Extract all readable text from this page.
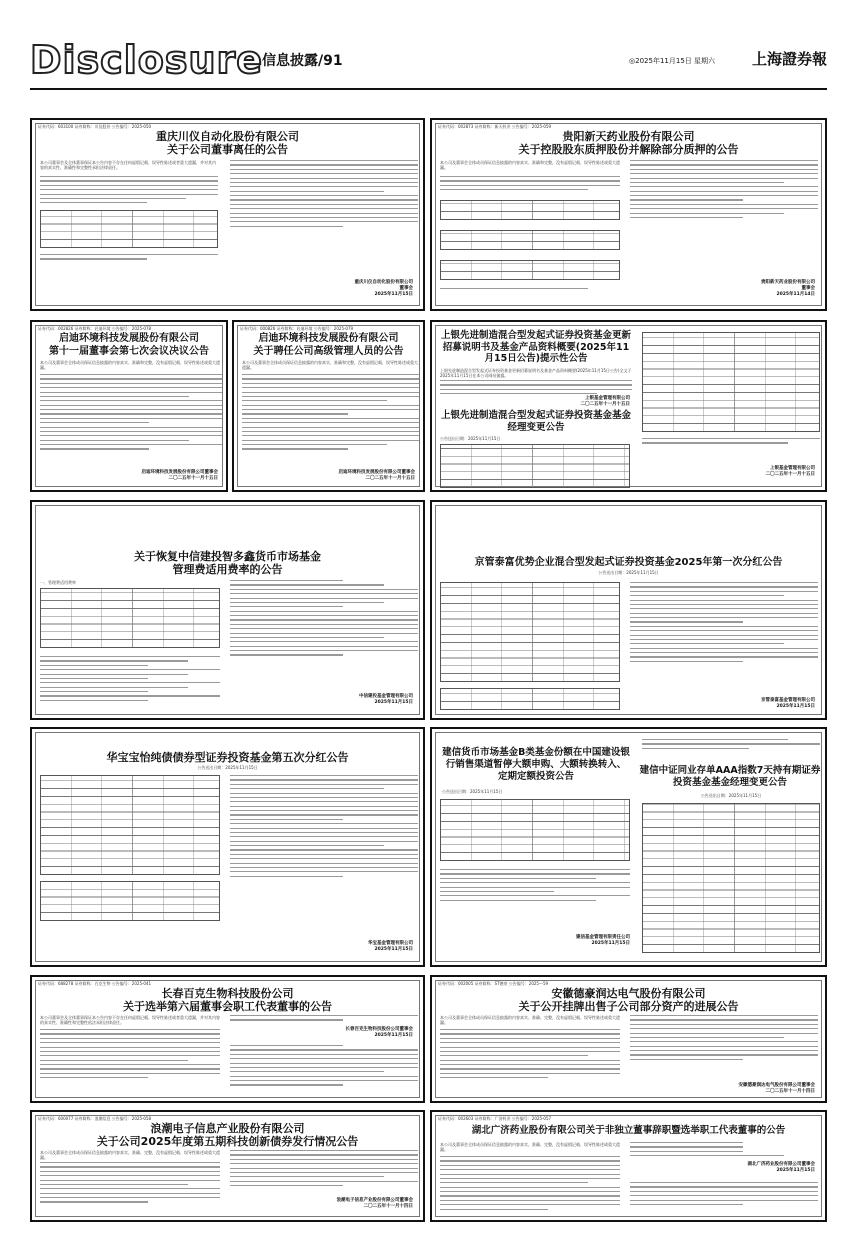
Disclosure
信息披露/91	◎2025年11月15日 星期六 上海證券報
证券代码：603100 证券简称：川仪股份 公告编号：2025-050
重庆川仪自动化股份有限公司
关于公司董事离任的公告
本公司董事会及全体董事保证本公告内容不存在任何虚假记载、误导性陈述或者重大遗漏，并对其内容的真实性、准确性和完整性承担法律责任。
重庆川仪自动化股份有限公司
董事会
2025年11月15日
证券代码：002873 证券简称：新天药业 公告编号：2025-059
贵阳新天药业股份有限公司
关于控股股东质押股份并解除部分质押的公告
本公司及董事会全体成员保证信息披露的内容真实、准确和完整，没有虚假记载、误导性陈述或重大遗漏。
贵阳新天药业股份有限公司
董事会
2025年11月14日
证券代码：002826 证券简称：启迪环境 公告编号：2025-078
启迪环境科技发展股份有限公司
第十一届董事会第七次会议决议公告
本公司及董事会全体成员保证信息披露的内容真实、准确和完整，没有虚假记载、误导性陈述或重大遗漏。
启迪环境科技发展股份有限公司董事会
二〇二五年十一月十五日
证券代码：000826 证券简称：启迪环境 公告编号：2025-079
启迪环境科技发展股份有限公司
关于聘任公司高级管理人员的公告
本公司及董事会全体成员保证信息披露的内容真实、准确和完整，没有虚假记载、误导性陈述或重大遗漏。
启迪环境科技发展股份有限公司董事会
二〇二五年十一月十五日
上银先进制造混合型发起式证券投资基金更新
招募说明书及基金产品资料概要(2025年11
月15日公告)提示性公告
上银先进制造混合型发起式证券投资基金更新招募说明书及基金产品资料概要(2025年11月15日公告)全文于2025年11月15日在本公司网站披露。
上银基金管理有限公司
二〇二五年十一月十五日
上银先进制造混合型发起式证券投资基金基金
经理变更公告
公告送出日期：2025年11月15日
上银基金管理有限公司
二〇二五年十一月十五日
关于恢复中信建投智多鑫货币市场基金
管理费适用费率的公告
一、管理费适用费率
中信建投基金管理有限公司
2025年11月15日
京管泰富优势企业混合型发起式证券投资基金2025年第一次分红公告
公告送出日期：2025年11月15日
京管泰富基金管理有限公司
2025年11月15日
华宝宝怡纯债债券型证券投资基金第五次分红公告
公告送出日期：2025年11月15日
华宝基金管理有限公司
2025年11月15日
建信货币市场基金B类基金份额在中国建设银
行销售渠道暂停大额申购、大额转换转入、
定期定额投资公告
公告送出日期：2025年11月15日
建信基金管理有限责任公司
2025年11月15日
建信中证同业存单AAA指数7天持有期证券
投资基金基金经理变更公告
公告送出日期：2025年11月15日
证券代码：688278 证券简称：百克生物 公告编号：2025-041
长春百克生物科技股份公司
关于选举第六届董事会职工代表董事的公告
本公司董事会及全体董事保证本公告内容不存在任何虚假记载、误导性陈述或者重大遗漏，并对其内容的真实性、准确性和完整性依法承担法律责任。
长春百克生物科技股份公司董事会
2025年11月15日
证券代码：002005 证券简称：ST德豪 公告编号：2025—59
安徽德豪润达电气股份有限公司
关于公开挂牌出售子公司部分资产的进展公告
本公司及董事会全体成员保证信息披露的内容真实、准确、完整，没有虚假记载、误导性陈述或重大遗漏。
安徽德豪润达电气股份有限公司董事会
二〇二五年十一月十四日
证券代码：600077 证券简称：浪潮信息 公告编号：2025-058
浪潮电子信息产业股份有限公司
关于公司2025年度第五期科技创新债券发行情况公告
本公司及董事会全体成员保证信息披露的内容真实、准确、完整，没有虚假记载、误导性陈述或重大遗漏。
浪潮电子信息产业股份有限公司董事会
二〇二五年十一月十四日
证券代码：002603 证券简称：广济药业 公告编号：2025-057
湖北广济药业股份有限公司关于非独立董事辞职暨选举职工代表董事的公告
本公司及董事会全体成员保证信息披露的内容真实、准确、完整，没有虚假记载、误导性陈述或重大遗漏。
湖北广济药业股份有限公司董事会
2025年11月15日
